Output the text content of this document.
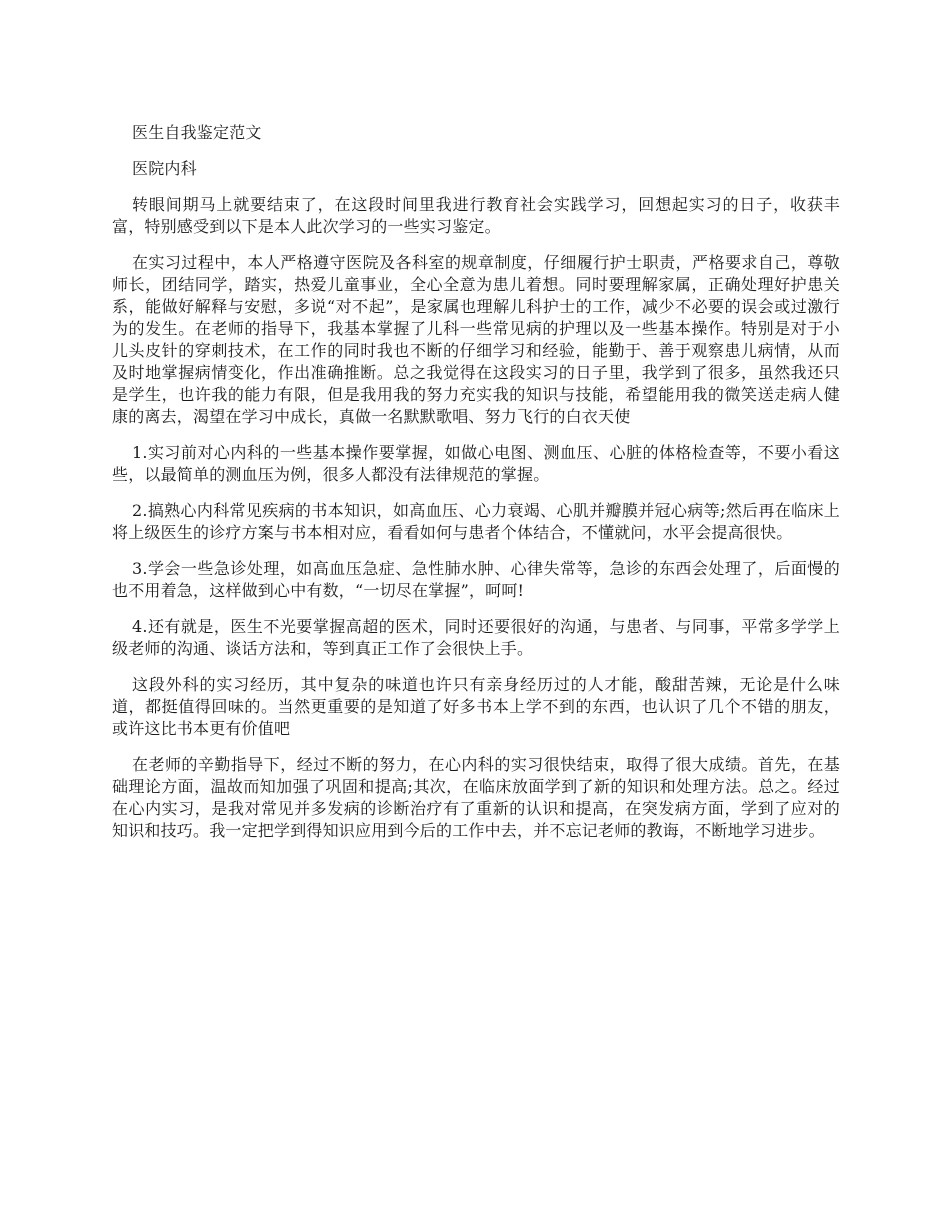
医生自我鉴定范文

医院内科

转眼间期马上就要结束了，在这段时间里我进行教育社会实践学习，回想起实习的日子，收获丰富，特别感受到以下是本人此次学习的一些实习鉴定。

在实习过程中，本人严格遵守医院及各科室的规章制度，仔细履行护士职责，严格要求自己，尊敬师长，团结同学，踏实，热爱儿童事业，全心全意为患儿着想。同时要理解家属，正确处理好护患关系，能做好解释与安慰，多说“对不起”，是家属也理解儿科护士的工作，减少不必要的误会或过激行为的发生。在老师的指导下，我基本掌握了儿科一些常见病的护理以及一些基本操作。特别是对于小儿头皮针的穿刺技术，在工作的同时我也不断的仔细学习和经验，能勤于、善于观察患儿病情，从而及时地掌握病情变化，作出准确推断。总之我觉得在这段实习的日子里，我学到了很多，虽然我还只是学生，也许我的能力有限，但是我用我的努力充实我的知识与技能，希望能用我的微笑送走病人健康的离去，渴望在学习中成长，真做一名默默歌唱、努力飞行的白衣天使

1.实习前对心内科的一些基本操作要掌握，如做心电图、测血压、心脏的体格检查等，不要小看这些，以最简单的测血压为例，很多人都没有法律规范的掌握。

2.搞熟心内科常见疾病的书本知识，如高血压、心力衰竭、心肌并瓣膜并冠心病等;然后再在临床上将上级医生的诊疗方案与书本相对应，看看如何与患者个体结合，不懂就问，水平会提高很快。

3.学会一些急诊处理，如高血压急症、急性肺水肿、心律失常等，急诊的东西会处理了，后面慢的也不用着急，这样做到心中有数，“一切尽在掌握”，呵呵!

4.还有就是，医生不光要掌握高超的医术，同时还要很好的沟通，与患者、与同事，平常多学学上级老师的沟通、谈话方法和，等到真正工作了会很快上手。

这段外科的实习经历，其中复杂的味道也许只有亲身经历过的人才能，酸甜苦辣，无论是什么味道，都挺值得回味的。当然更重要的是知道了好多书本上学不到的东西，也认识了几个不错的朋友，或许这比书本更有价值吧

在老师的辛勤指导下，经过不断的努力，在心内科的实习很快结束，取得了很大成绩。首先，在基础理论方面，温故而知加强了巩固和提高;其次，在临床放面学到了新的知识和处理方法。总之。经过在心内实习，是我对常见并多发病的诊断治疗有了重新的认识和提高，在突发病方面，学到了应对的知识和技巧。我一定把学到得知识应用到今后的工作中去，并不忘记老师的教诲，不断地学习进步。
